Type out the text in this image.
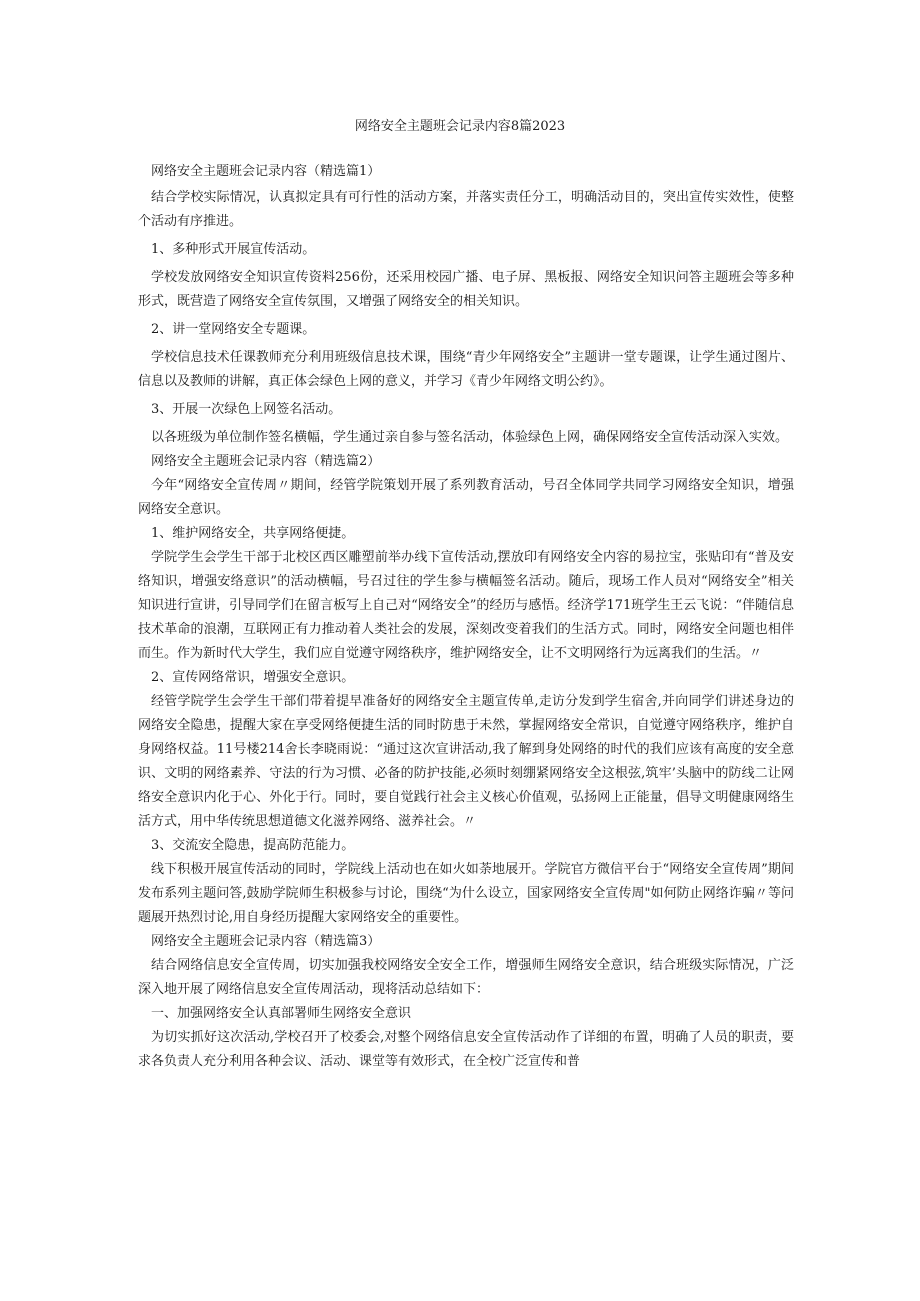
网络安全主题班会记录内容8篇2023

网络安全主题班会记录内容（精选篇1）

结合学校实际情况，认真拟定具有可行性的活动方案，并落实责任分工，明确活动目的，突出宣传实效性，使整个活动有序推进。

1、多种形式开展宣传活动。

学校发放网络安全知识宣传资料256份，还采用校园广播、电子屏、黑板报、网络安全知识问答主题班会等多种形式，既营造了网络安全宣传氛围，又增强了网络安全的相关知识。

2、讲一堂网络安全专题课。

学校信息技术任课教师充分利用班级信息技术课，围绕“青少年网络安全”主题讲一堂专题课，让学生通过图片、信息以及教师的讲解，真正体会绿色上网的意义，并学习《青少年网络文明公约》。

3、开展一次绿色上网签名活动。

以各班级为单位制作签名横幅，学生通过亲自参与签名活动，体验绿色上网，确保网络安全宣传活动深入实效。

网络安全主题班会记录内容（精选篇2）

今年“网络安全宣传周〃期间，经管学院策划开展了系列教育活动，号召全体同学共同学习网络安全知识，增强网络安全意识。

1、维护网络安全，共享网络便捷。

学院学生会学生干部于北校区西区雕塑前举办线下宣传活动,摆放印有网络安全内容的易拉宝，张贴印有“普及安络知识，增强安络意识”的活动横幅，号召过往的学生参与横幅签名活动。随后，现场工作人员对“网络安全”相关知识进行宣讲，引导同学们在留言板写上自己对“网络安全”的经历与感悟。经济学171班学生王云飞说：“伴随信息技术革命的浪潮，互联网正有力推动着人类社会的发展，深刻改变着我们的生活方式。同时，网络安全问题也相伴而生。作为新时代大学生，我们应自觉遵守网络秩序，维护网络安全，让不文明网络行为远离我们的生活。〃

2、宣传网络常识，增强安全意识。

经管学院学生会学生干部们带着提早准备好的网络安全主题宣传单,走访分发到学生宿舍,并向同学们讲述身边的网络安全隐患，提醒大家在享受网络便捷生活的同时防患于未然，掌握网络安全常识，自觉遵守网络秩序，维护自身网络权益。11号楼214舍长李晓雨说：“通过这次宣讲活动,我了解到身处网络的时代的我们应该有高度的安全意识、文明的网络素养、守法的行为习惯、必备的防护技能,必须时刻绷紧网络安全这根弦,筑牢’头脑中的防线二让网络安全意识内化于心、外化于行。同时，要自觉践行社会主义核心价值观，弘扬网上正能量，倡导文明健康网络生活方式，用中华传统思想道德文化滋养网络、滋养社会。〃

3、交流安全隐患，提高防范能力。

线下积极开展宣传活动的同时，学院线上活动也在如火如荼地展开。学院官方微信平台于“网络安全宣传周”期间发布系列主题问答,鼓励学院师生积极参与讨论，围绕“为什么设立，国家网络安全宣传周"如何防止网络诈骗〃等问题展开热烈讨论,用自身经历提醒大家网络安全的重要性。

网络安全主题班会记录内容（精选篇3）

结合网络信息安全宣传周，切实加强我校网络安全安全工作，增强师生网络安全意识，结合班级实际情况，广泛深入地开展了网络信息安全宣传周活动，现将活动总结如下：

一、加强网络安全认真部署师生网络安全意识

为切实抓好这次活动,学校召开了校委会,对整个网络信息安全宣传活动作了详细的布置，明确了人员的职责，要求各负责人充分利用各种会议、活动、课堂等有效形式，在全校广泛宣传和普
